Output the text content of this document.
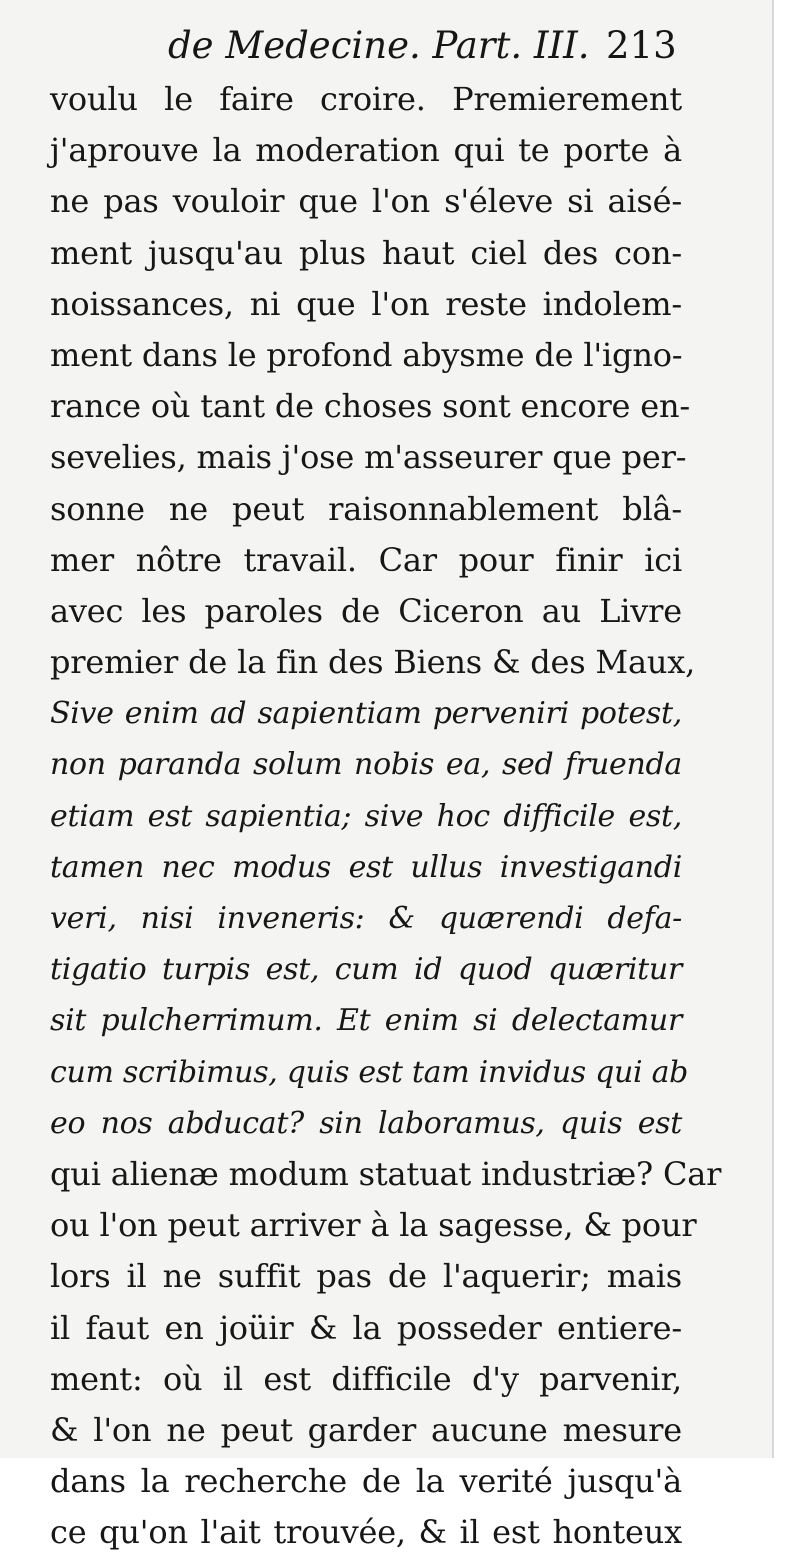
de Medecine. Part. III. 213
voulu le faire croire. Premierement
j'aprouve la moderation qui te porte à
ne pas vouloir que l'on s'éleve si aisé-
ment jusqu'au plus haut ciel des con-
noissances, ni que l'on reste indolem-
ment dans le profond abysme de l'igno-
rance où tant de choses sont encore en-
sevelies, mais j'ose m'asseurer que per-
sonne ne peut raisonnablement blâ-
mer nôtre travail. Car pour finir ici
avec les paroles de Ciceron au Livre
premier de la fin des Biens & des Maux,
Sive enim ad sapientiam perveniri potest,
non paranda solum nobis ea, sed fruenda
etiam est sapientia; sive hoc difficile est,
tamen nec modus est ullus investigandi
veri, nisi inveneris: & quærendi defa-
tigatio turpis est, cum id quod quæritur
sit pulcherrimum. Et enim si delectamur
cum scribimus, quis est tam invidus qui ab
eo nos abducat? sin laboramus, quis est
qui alienæ modum statuat industriæ? Car
ou l'on peut arriver à la sagesse, & pour
lors il ne suffit pas de l'aquerir; mais
il faut en joüir & la posseder entiere-
ment: où il est difficile d'y parvenir,
& l'on ne peut garder aucune mesure
dans la recherche de la verité jusqu'à
ce qu'on l'ait trouvée, & il est honteux
